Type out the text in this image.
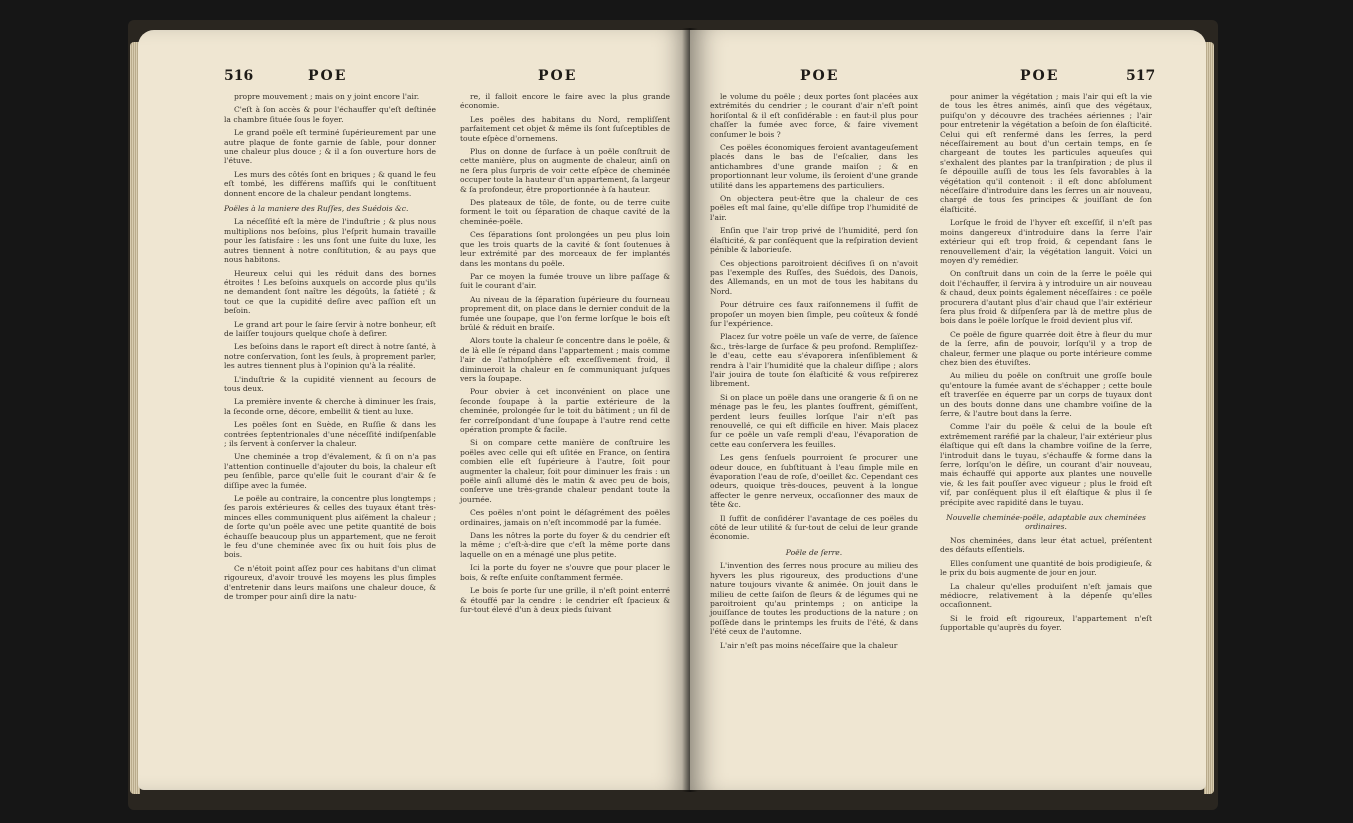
516	POE	POE

propre mouvement ; mais on y joint encore l'air.

C'eſt à ſon accès & pour l'échauffer qu'eſt deſtinée la chambre ſituée ſous le foyer.

Le grand poële eſt terminé ſupérieurement par une autre plaque de fonte garnie de ſable, pour donner une chaleur plus douce ; & il a ſon ouverture hors de l'étuve.

Les murs des côtés ſont en briques ; & quand le feu eſt tombé, les différens maſſifs qui le conſtituent donnent encore de la chaleur pendant longtems.

Poëles à la maniere des Ruſſes, des Suédois &c.

La néceſſité eſt la mère de l'induſtrie ; & plus nous multiplions nos beſoins, plus l'eſprit humain travaille pour les ſatisfaire : les uns ſont une ſuite du luxe, les autres tiennent à notre conſtitution, & au pays que nous habitons.

Heureux celui qui les réduit dans des bornes étroites ! Les beſoins auxquels on accorde plus qu'ils ne demandent ſont naître les dégoûts, la ſatiété ; & tout ce que la cupidité deſire avec paſſion eſt un beſoin.

Le grand art pour le ſaire ſervir à notre bonheur, eſt de laiſſer toujours quelque choſe à deſirer.

Les beſoins dans le raport eſt direct à notre ſanté, à notre conſervation, ſont les ſeuls, à proprement parler, les autres tiennent plus à l'opinion qu'à la réalité.

L'induſtrie & la cupidité viennent au ſecours de tous deux.

La première invente & cherche à diminuer les ſrais, la ſeconde orne, décore, embellit & tient au luxe.

Les poëles ſont en Suède, en Ruſſie & dans les contrées ſeptentrionales d'une néceſſité indiſpenſable ; ils ſervent à conſerver la chaleur.

Une cheminée a trop d'évalement, & ſi on n'a pas l'attention continuelle d'ajouter du bois, la chaleur eſt peu ſenſible, parce qu'elle ſuit le courant d'air & ſe diſſipe avec la fumée.

Le poële au contraire, la concentre plus longtemps ; ſes parois extérieures & celles des tuyaux étant très-minces elles communiquent plus aiſément la chaleur ; de ſorte qu'un poële avec une petite quantité de bois échauſſe beaucoup plus un appartement, que ne feroit le feu d'une cheminée avec ſix ou huit ſois plus de bois.

Ce n'étoit point aſſez pour ces habitans d'un climat rigoureux, d'avoir trouvé les moyens les plus ſimples d'entretenir dans leurs maiſons une chaleur douce, & de tromper pour ainſi dire la natu-

re, il falloit encore le faire avec la plus grande économie.

Les poëles des habitans du Nord, rempliſſent parfaitement cet objet & même ils ſont ſuſceptibles de toute eſpèce d'ornemens.

Plus on donne de ſurface à un poële conſtruit de cette manière, plus on augmente de chaleur, ainſi on ne ſera plus ſurpris de voir cette eſpèce de cheminée occuper toute la hauteur d'un appartement, ſa largeur & ſa profondeur, être proportionnée à ſa hauteur.

Des plateaux de tôle, de fonte, ou de terre cuite forment le toit ou ſéparation de chaque cavité de la cheminée-poële.

Ces ſéparations ſont prolongées un peu plus loin que les trois quarts de la cavité & ſont ſoutenues à leur extrémité par des morceaux de fer implantés dans les montans du poële.

Par ce moyen la fumée trouve un libre paſſage & ſuit le courant d'air.

Au niveau de la ſéparation ſupérieure du fourneau proprement dit, on place dans le dernier conduit de la fumée une ſoupape, que l'on ferme lorſque le bois eſt brûlé & réduit en braiſe.

Alors toute la chaleur ſe concentre dans le poële, & de là elle ſe répand dans l'appartement ; mais comme l'air de l'athmoſphère eſt exceſſivement froid, il diminueroit la chaleur en ſe communiquant juſques vers la ſoupape.

Pour obvier à cet inconvénient on place une ſeconde ſoupape à la partie extérieure de la cheminée, prolongée ſur le toit du bâtiment ; un fil de fer correſpondant d'une ſoupape à l'autre rend cette opération prompte & facile.

Si on compare cette manière de conſtruire les poëles avec celle qui eſt uſitée en France, on ſentira combien elle eſt ſupérieure à l'autre, ſoit pour augmenter la chaleur, ſoit pour diminuer les frais : un poële ainſi allumé dès le matin & avec peu de bois, conſerve une très-grande chaleur pendant toute la journée.

Ces poëles n'ont point le déſagrément des poëles ordinaires, jamais on n'eſt incommodé par la fumée.

Dans les nôtres la porte du foyer & du cendrier eſt la même ; c'eſt-à-dire que c'eſt la même porte dans laquelle on en a ménagé une plus petite.

Ici la porte du foyer ne s'ouvre que pour placer le bois, & reſte enſuite conſtamment fermée.

Le bois ſe porte ſur une grille, il n'eſt point enterré & étouffé par la cendre : le cendrier eſt ſpacieux & ſur-tout élevé d'un à deux pieds ſuivant

POE	POE	517

le volume du poële ; deux portes ſont placées aux extrémités du cendrier ; le courant d'air n'eſt point horiſontal & il eſt conſidérable : en faut-il plus pour chaſſer la fumée avec force, & faire vivement conſumer le bois ?

Ces poëles économiques feroient avantageuſement placés dans le bas de l'eſcalier, dans les antichambres d'une grande maiſon ; & en proportionnant leur volume, ils ſeroient d'une grande utilité dans les appartemens des particuliers.

On objectera peut-être que la chaleur de ces poëles eſt mal ſaine, qu'elle diſſipe trop l'humidité de l'air.

Enſin que l'air trop privé de l'humidité, perd ſon élaſticité, & par conſéquent que la reſpiration devient pénible & laborieuſe.

Ces objections paroitroient déciſives ſi on n'avoit pas l'exemple des Ruſſes, des Suédois, des Danois, des Allemands, en un mot de tous les habitans du Nord.

Pour détruire ces faux raiſonnemens il ſuffit de propoſer un moyen bien ſimple, peu coûteux & fondé ſur l'expérience.

Placez ſur votre poële un vaſe de verre, de ſaïence &c., très-large de ſurface & peu profond. Rempliſſez-le d'eau, cette eau s'évaporera inſenſiblement & rendra à l'air l'humidité que la chaleur diſſipe ; alors l'air jouira de toute ſon élaſticité & vous reſpirerez librement.

Si on place un poële dans une orangerie & ſi on ne ménage pas le feu, les plantes ſouffrent, gémiſſent, perdent leurs feuilles lorſque l'air n'eſt pas renouvellé, ce qui eſt difficile en hiver. Mais placez ſur ce poële un vaſe rempli d'eau, l'évaporation de cette eau conſervera les feuilles.

Les gens ſenſuels pourroient ſe procurer une odeur douce, en ſubſtituant à l'eau ſimple mile en évaporation l'eau de roſe, d'oeillet &c. Cependant ces odeurs, quoique très-douces, peuvent à la longue affecter le genre nerveux, occaſionner des maux de tête &c.

Il ſuffit de conſidérer l'avantage de ces poëles du côté de leur utilité & ſur-tout de celui de leur grande économie.

Poële de ſerre.

L'invention des ſerres nous procure au milieu des hyvers les plus rigoureux, des productions d'une nature toujours vivante & animée. On jouit dans le milieu de cette ſaiſon de ſleurs & de légumes qui ne paroitroient qu'au printemps ; on anticipe la jouiſſance de toutes les productions de la nature ; on poſſède dans le printemps les fruits de l'été, & dans l'été ceux de l'automne.

L'air n'eſt pas moins néceſſaire que la chaleur

pour animer la végétation ; mais l'air qui eſt la vie de tous les êtres animés, ainſi que des végétaux, puiſqu'on y découvre des trachées aériennes ; l'air pour entretenir la végétation a beſoin de ſon élaſticité. Celui qui eſt renfermé dans les ſerres, la perd néceſſairement au bout d'un certain temps, en ſe chargeant de toutes les particules aqueuſes qui s'exhalent des plantes par la tranſpiration ; de plus il ſe dépouille auſſi de tous les ſels favorables à la végétation qu'il contenoit : il eſt donc abſolument néceſſaire d'introduire dans les ſerres un air nouveau, chargé de tous ſes principes & jouiſſant de ſon élaſticité.

Lorſque le froid de l'hyver eſt exceſſif, il n'eſt pas moins dangereux d'introduire dans la ſerre l'air extérieur qui eſt trop froid, & cependant ſans le renouvellement d'air, la végétation languit. Voici un moyen d'y remédier.

On conſtruit dans un coin de la ſerre le poële qui doit l'échauffer, il ſervira à y introduire un air nouveau & chaud, deux points également néceſſaires : ce poële procurera d'autant plus d'air chaud que l'air extérieur ſera plus froid & diſpenſera par là de mettre plus de bois dans le poële lorſque le froid devient plus vif.

Ce poële de figure quarrée doit être à fleur du mur de la ſerre, afin de pouvoir, lorſqu'il y a trop de chaleur, fermer une plaque ou porte intérieure comme chez bien des étuviſtes.

Au milieu du poële on conſtruit une groſſe boule qu'entoure la fumée avant de s'échapper ; cette boule eſt traverſée en équerre par un corps de tuyaux dont un des bouts donne dans une chambre voiſine de la ſerre, & l'autre bout dans la ſerre.

Comme l'air du poële & celui de la boule eſt extrêmement raréfié par la chaleur, l'air extérieur plus élaſtique qui eſt dans la chambre voiſine de la ſerre, l'introduit dans le tuyau, s'échauffe & forme dans la ſerre, lorſqu'on le déſire, un courant d'air nouveau, mais échauffé qui apporte aux plantes une nouvelle vie, & les fait pouſſer avec vigueur ; plus le froid eſt vif, par conſéquent plus il eſt élaſtique & plus il ſe précipite avec rapidité dans le tuyau.

Nouvelle cheminée-poële, adaptable aux cheminées ordinaires.

Nos cheminées, dans leur état actuel, préſentent des défauts eſſentiels.

Elles conſument une quantité de bois prodigieuſe, & le prix du bois augmente de jour en jour.

La chaleur qu'elles produiſent n'eſt jamais que médiocre, relativement à la dépenſe qu'elles occaſionnent.

Si le froid eſt rigoureux, l'appartement n'eſt ſupportable qu'auprès du foyer.
